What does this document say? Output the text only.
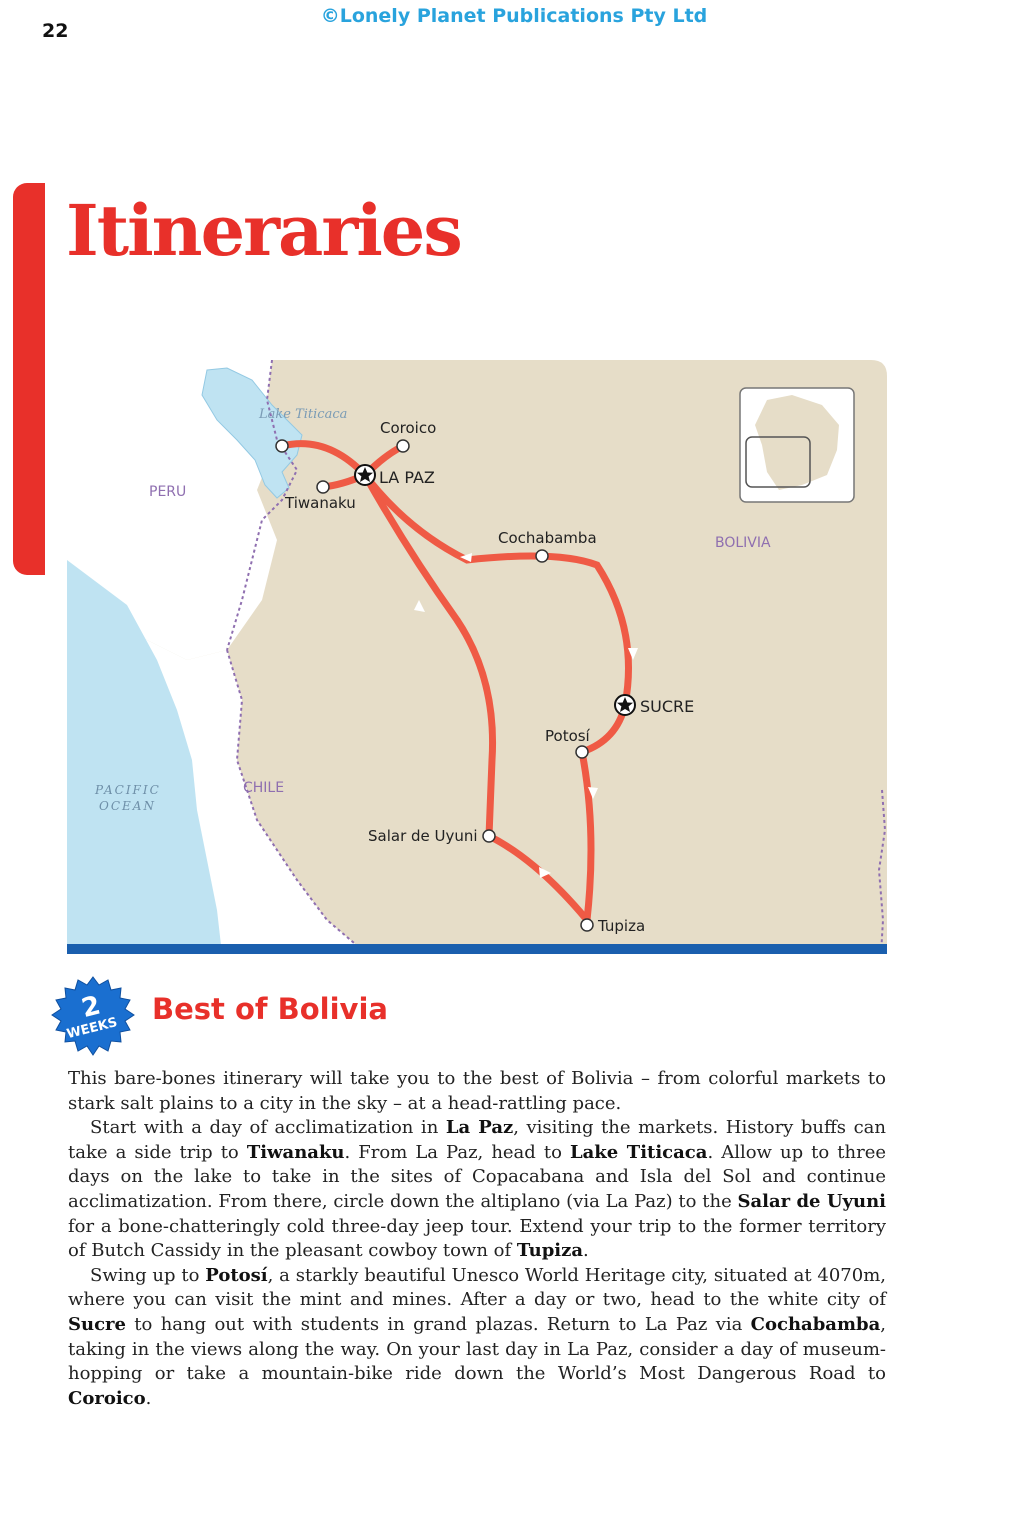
22
©Lonely Planet Publications Pty Ltd
Itineraries
Lake Titicaca
PERU
BOLIVIA
CHILE
PACIFIC
OCEAN
Coroico
LA PAZ
Tiwanaku
Cochabamba
SUCRE
Potosí
Salar de Uyuni
Tupiza
2
WEEKS
Best of Bolivia

This bare-bones itinerary will take you to the best of Bolivia – from colorful markets to stark salt plains to a city in the sky – at a head-rattling pace.

Start with a day of acclimatization in La Paz, visiting the markets. History buffs can take a side trip to Tiwanaku. From La Paz, head to Lake Titicaca. Allow up to three days on the lake to take in the sites of Copacabana and Isla del Sol and continue acclimatization. From there, circle down the altiplano (via La Paz) to the Salar de Uyuni for a bone-chatteringly cold three-day jeep tour. Extend your trip to the former territory of Butch Cassidy in the pleasant cowboy town of Tupiza.

Swing up to Potosí, a starkly beautiful Unesco World Heritage city, situated at 4070m, where you can visit the mint and mines. After a day or two, head to the white city of Sucre to hang out with students in grand plazas. Return to La Paz via Cochabamba, taking in the views along the way. On your last day in La Paz, consider a day of museum-hopping or take a mountain-bike ride down the World’s Most Dangerous Road to Coroico.
